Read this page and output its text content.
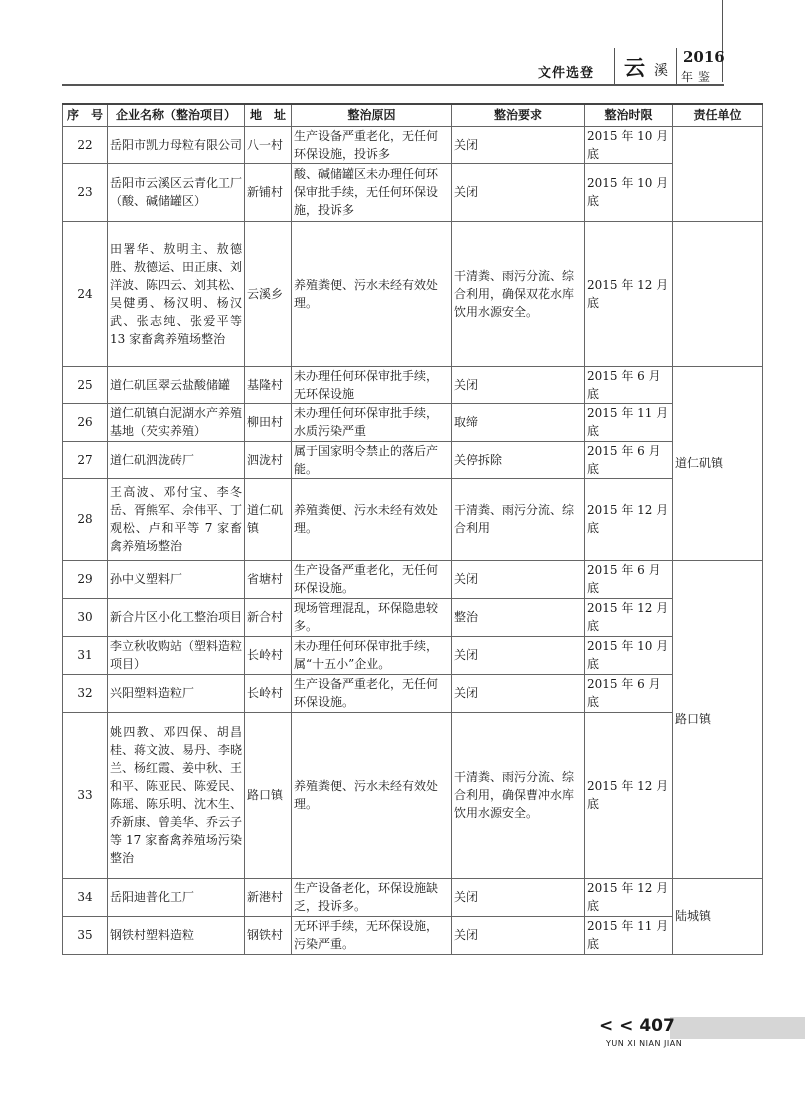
文件选登 云 溪
2016
年鉴
序　号	企业名称（整治项目）	地　址	整治原因	整治要求	整治时限	责任单位
22	岳阳市凯力母粒有限公司	八一村	生产设备严重老化，无任何环保设施，投诉多	关闭	2015 年 10 月底	
23	岳阳市云溪区云青化工厂（酸、碱储罐区）	新铺村	酸、碱储罐区未办理任何环保审批手续，无任何环保设施，投诉多	关闭	2015 年 10 月底	
24	田署华、敖明主、敖德胜、敖德运、田正康、刘洋波、陈四云、刘其松、吴健勇、杨汉明、杨汉武、张志纯、张爱平等 13 家畜禽养殖场整治	云溪乡	养殖粪便、污水未经有效处理。	干清粪、雨污分流、综合利用，确保双花水库饮用水源安全。	2015 年 12 月底	
25	道仁矶匡翠云盐酸储罐	基隆村	未办理任何环保审批手续，无环保设施	关闭	2015 年 6 月底	道仁矶镇
26	道仁矶镇白泥湖水产养殖基地（芡实养殖）	柳田村	未办理任何环保审批手续，水质污染严重	取缔	2015 年 11 月底	
27	道仁矶泗泷砖厂	泗泷村	属于国家明令禁止的落后产能。	关停拆除	2015 年 6 月底	
28	王高波、邓付宝、李冬岳、胥熊军、佘伟平、丁观松、卢和平等 7 家畜禽养殖场整治	道仁矶镇	养殖粪便、污水未经有效处理。	干清粪、雨污分流、综合利用	2015 年 12 月底	
29	孙中义塑料厂	省塘村	生产设备严重老化，无任何环保设施。	关闭	2015 年 6 月底	路口镇
30	新合片区小化工整治项目	新合村	现场管理混乱，环保隐患较多。	整治	2015 年 12 月底	
31	李立秋收购站（塑料造粒项目）	长岭村	未办理任何环保审批手续，属“十五小”企业。	关闭	2015 年 10 月底	
32	兴阳塑料造粒厂	长岭村	生产设备严重老化，无任何环保设施。	关闭	2015 年 6 月底	
33	姚四教、邓四保、胡昌桂、蒋文波、易丹、李晓兰、杨红霞、姜中秋、王和平、陈亚民、陈爱民、陈瑶、陈乐明、沈木生、乔新康、曾美华、乔云子等 17 家畜禽养殖场污染整治	路口镇	养殖粪便、污水未经有效处理。	干清粪、雨污分流、综合利用，确保曹冲水库饮用水源安全。	2015 年 12 月底	
34	岳阳迪普化工厂	新港村	生产设备老化，环保设施缺乏，投诉多。	关闭	2015 年 12 月底	陆城镇
35	钢铁村塑料造粒	钢铁村	无环评手续，无环保设施，污染严重。	关闭	2015 年 11 月底	
< < 407
YUN XI NIAN JIAN
